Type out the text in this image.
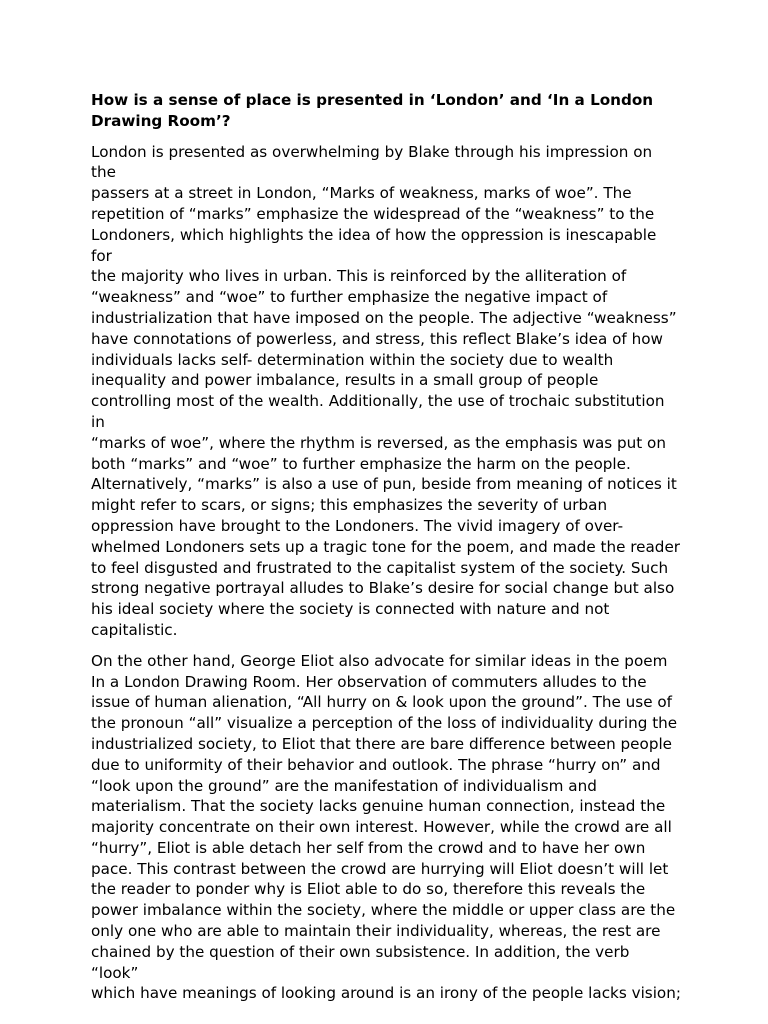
How is a sense of place is presented in ‘London’ and ‘In a London Drawing Room’?

London is presented as overwhelming by Blake through his impression on the
passers at a street in London, “Marks of weakness, marks of woe”. The
repetition of “marks” emphasize the widespread of the “weakness” to the
Londoners, which highlights the idea of how the oppression is inescapable for
the majority who lives in urban. This is reinforced by the alliteration of
“weakness” and “woe” to further emphasize the negative impact of
industrialization that have imposed on the people. The adjective “weakness”
have connotations of powerless, and stress, this reflect Blake’s idea of how
individuals lacks self- determination within the society due to wealth
inequality and power imbalance, results in a small group of people
controlling most of the wealth. Additionally, the use of trochaic substitution in
“marks of woe”, where the rhythm is reversed, as the emphasis was put on
both “marks” and “woe” to further emphasize the harm on the people.
Alternatively, “marks” is also a use of pun, beside from meaning of notices it
might refer to scars, or signs; this emphasizes the severity of urban
oppression have brought to the Londoners. The vivid imagery of over-
whelmed Londoners sets up a tragic tone for the poem, and made the reader
to feel disgusted and frustrated to the capitalist system of the society. Such
strong negative portrayal alludes to Blake’s desire for social change but also
his ideal society where the society is connected with nature and not
capitalistic.

On the other hand, George Eliot also advocate for similar ideas in the poem
In a London Drawing Room. Her observation of commuters alludes to the
issue of human alienation, “All hurry on & look upon the ground”. The use of
the pronoun “all” visualize a perception of the loss of individuality during the
industrialized society, to Eliot that there are bare difference between people
due to uniformity of their behavior and outlook. The phrase “hurry on” and
“look upon the ground” are the manifestation of individualism and
materialism. That the society lacks genuine human connection, instead the
majority concentrate on their own interest. However, while the crowd are all
“hurry”, Eliot is able detach her self from the crowd and to have her own
pace. This contrast between the crowd are hurrying will Eliot doesn’t will let
the reader to ponder why is Eliot able to do so, therefore this reveals the
power imbalance within the society, where the middle or upper class are the
only one who are able to maintain their individuality, whereas, the rest are
chained by the question of their own subsistence. In addition, the verb “look”
which have meanings of looking around is an irony of the people lacks vision;
